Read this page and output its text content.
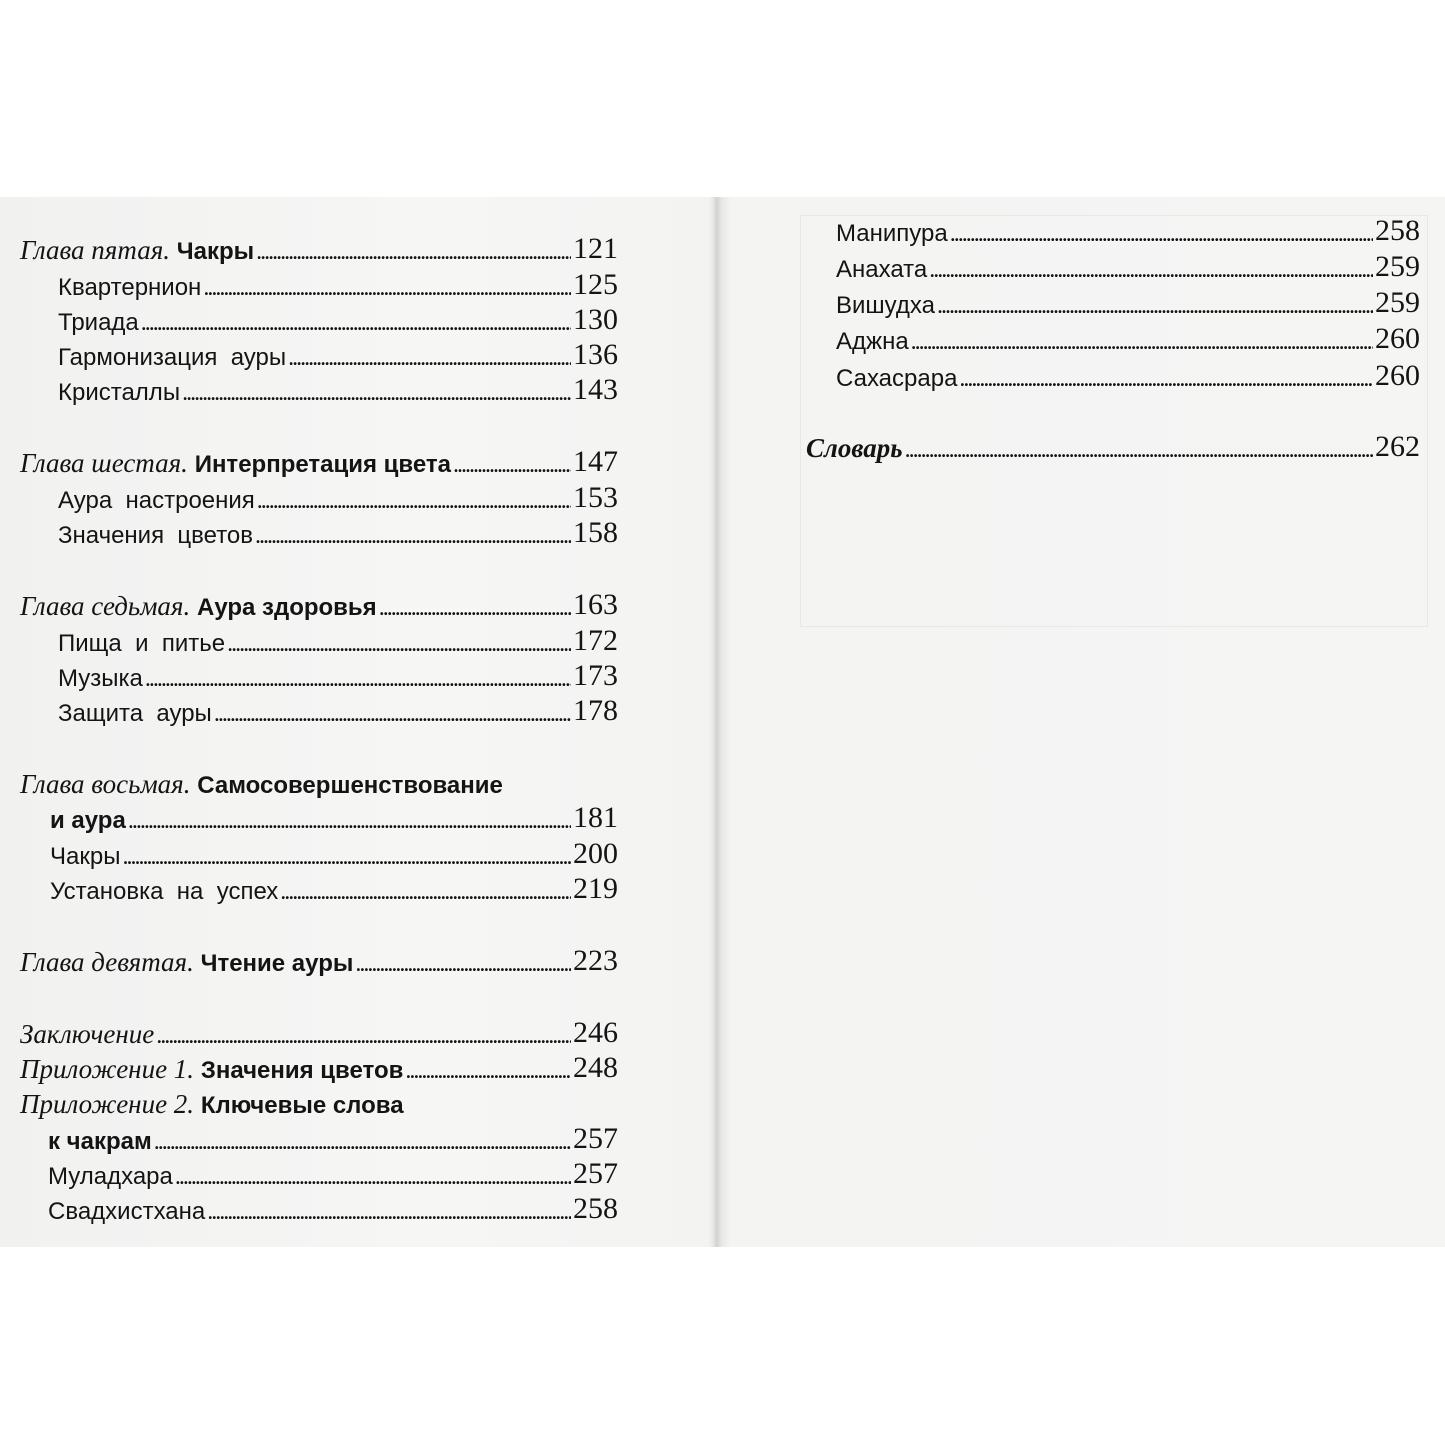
Глава пятая. Чакры . . .	121
Квартернион . . .	125
Триада . . .	130
Гармонизация  ауры . . .	136
Кристаллы . . .	143
Глава шестая. Интерпретация цвета . . .	147
Аура  настроения . . .	153
Значения  цветов . . .	158
Глава седьмая. Аура здоровья . . .	163
Пища  и  питье . . .	172
Музыка . . .	173
Защита  ауры . . .	178
Глава восьмая. Самосовершенствование
и аура . . .	181
Чакры . . .	200
Установка  на  успех . . .	219
Глава девятая. Чтение ауры . . .	223
Заключение . . .	246
Приложение 1. Значения цветов . . .	248
Приложение 2. Ключевые слова
к чакрам . . .	257
Муладхара . . .	257
Свадхистхана . . .	258
Манипура . . .	258
Анахата . . .	259
Вишудха . . .	259
Аджна . . .	260
Сахасрара . . .	260
Словарь . . .	262
